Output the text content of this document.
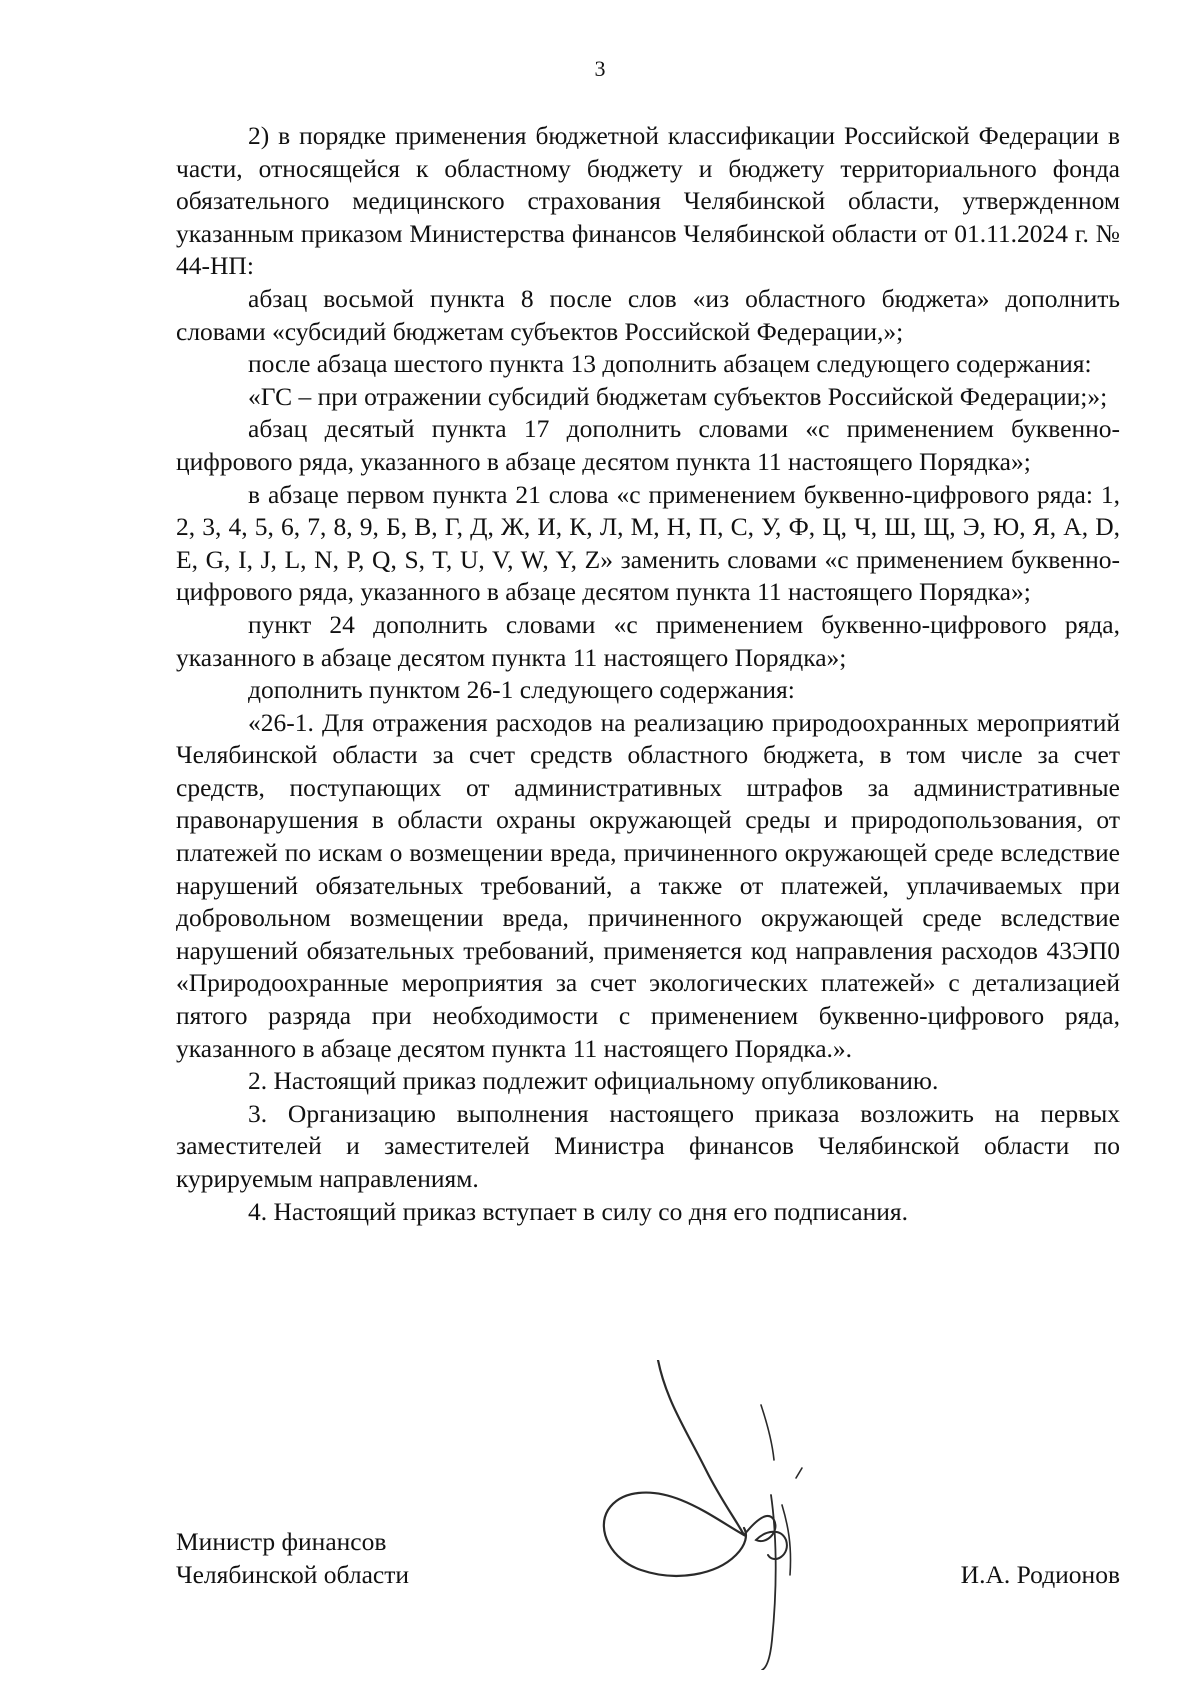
3

2) в порядке применения бюджетной классификации Российской Федерации в части, относящейся к областному бюджету и бюджету территориального фонда обязательного медицинского страхования Челябинской области, утвержденном указанным приказом Министерства финансов Челябинской области от 01.11.2024 г. № 44-НП:

абзац восьмой пункта 8 после слов «из областного бюджета» дополнить словами «субсидий бюджетам субъектов Российской Федерации,»;

после абзаца шестого пункта 13 дополнить абзацем следующего содержания:

«ГС – при отражении субсидий бюджетам субъектов Российской Федерации;»;

абзац десятый пункта 17 дополнить словами «с применением буквенно-цифрового ряда, указанного в абзаце десятом пункта 11 настоящего Порядка»;

в абзаце первом пункта 21 слова «с применением буквенно-цифрового ряда: 1, 2, 3, 4, 5, 6, 7, 8, 9, Б, В, Г, Д, Ж, И, К, Л, М, Н, П, С, У, Ф, Ц, Ч, Ш, Щ, Э, Ю, Я, A, D, E, G, I, J, L, N, P, Q, S, T, U, V, W, Y, Z» заменить словами «с применением буквенно-цифрового ряда, указанного в абзаце десятом пункта 11 настоящего Порядка»;

пункт 24 дополнить словами «с применением буквенно-цифрового ряда, указанного в абзаце десятом пункта 11 настоящего Порядка»;

дополнить пунктом 26-1 следующего содержания:

«26-1. Для отражения расходов на реализацию природоохранных мероприятий Челябинской области за счет средств областного бюджета, в том числе за счет средств, поступающих от административных штрафов за административные правонарушения в области охраны окружающей среды и природопользования, от платежей по искам о возмещении вреда, причиненного окружающей среде вследствие нарушений обязательных требований, а также от платежей, уплачиваемых при добровольном возмещении вреда, причиненного окружающей среде вследствие нарушений обязательных требований, применяется код направления расходов 43ЭП0 «Природоохранные мероприятия за счет экологических платежей» с детализацией пятого разряда при необходимости с применением буквенно-цифрового ряда, указанного в абзаце десятом пункта 11 настоящего Порядка.».

2. Настоящий приказ подлежит официальному опубликованию.

3. Организацию выполнения настоящего приказа возложить на первых заместителей и заместителей Министра финансов Челябинской области по курируемым направлениям.

4. Настоящий приказ вступает в силу со дня его подписания.

Министр финансов
Челябинской области	И.А. Родионов
